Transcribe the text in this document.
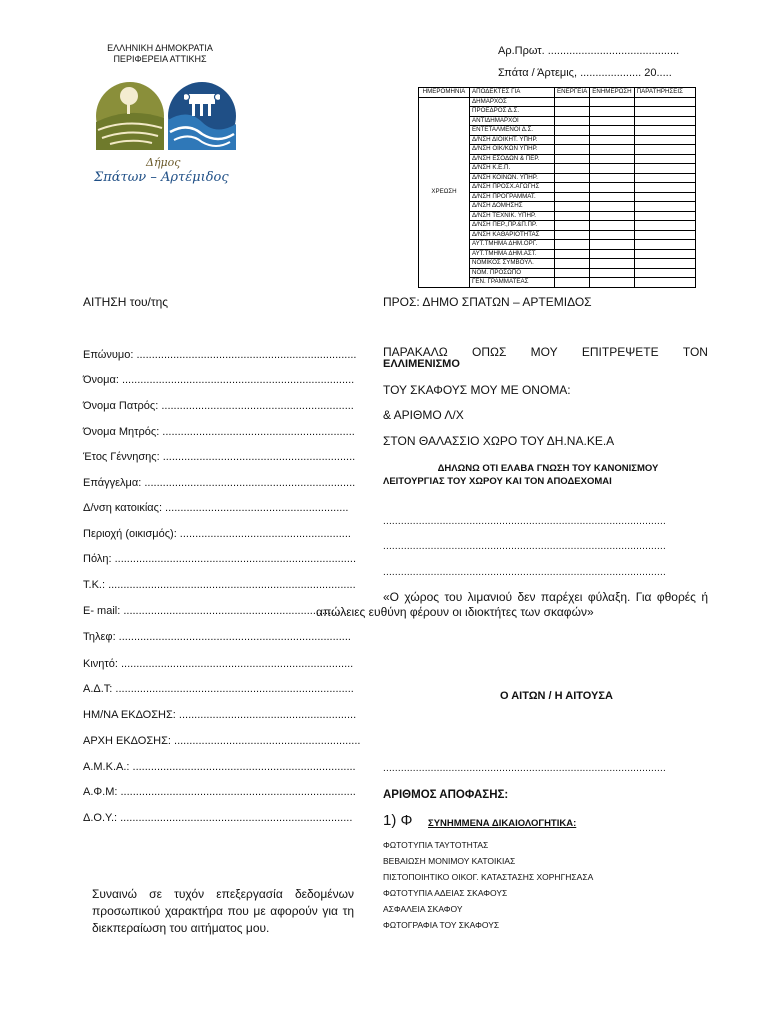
ΕΛΛΗΝΙΚΗ ΔΗΜΟΚΡΑΤΙΑ
ΠΕΡΙΦΕΡΕΙΑ ΑΤΤΙΚΗΣ
Αρ.Πρωτ. ...........................................
Σπάτα / Άρτεμις, .................... 20.....
Δήμος
Σπάτων – Αρτέμιδος
ΗΜΕΡΟΜΗΝΙΑ	ΑΠΟΔΕΚΤΕΣ ΓΙΑ	ΕΝΕΡΓΕΙΑ	ΕΝΗΜΕΡΩΣΗ	ΠΑΡΑΤΗΡΗΣΕΙΣ
ΧΡΕΩΣΗ	ΔΗΜΑΡΧΟΣ			
	ΠΡΟΕΔΡΟΣ Δ.Σ.			
	ΑΝΤΙΔΗΜΑΡΧΟΙ			
	ΕΝΤΕΤΑΛΜΕΝΟΙ Δ.Σ.			
	Δ/ΝΣΗ ΔΙΟΙΚΗΤ. ΥΠΗΡ.			
	Δ/ΝΣΗ ΟΙΚ/ΚΩΝ ΥΠΗΡ.			
	Δ/ΝΣΗ ΕΣΟΔΩΝ & ΠΕΡ.			
	Δ/ΝΣΗ Κ.Ε.Π.			
	Δ/ΝΣΗ ΚΟΙΝΩΝ. ΥΠΗΡ.			
	Δ/ΝΣΗ ΠΡΟΣΧ.ΑΓΩΓΗΣ			
	Δ/ΝΣΗ ΠΡΟΓΡΑΜΜΑΤ.			
	Δ/ΝΣΗ ΔΟΜΗΣΗΣ			
	Δ/ΝΣΗ ΤΕΧΝΙΚ. ΥΠΗΡ.			
	Δ/ΝΣΗ ΠΕΡ.,ΠΡ.&Π.ΠΡ.			
	Δ/ΝΣΗ ΚΑΘΑΡΙΟΤΗΤΑΣ			
	ΑΥΤ.ΤΜΗΜΑ ΔΗΜ.ΟΡΓ.			
	ΑΥΤ.ΤΜΗΜΑ ΔΗΜ.ΑΣΤ.			
	ΝΟΜΙΚΟΣ ΣΥΜΒΟΥΛ.			
	ΝΟΜ. ΠΡΟΣΩΠΟ			
	ΓΕΝ. ΓΡΑΜΜΑΤΕΑΣ			
ΑΙΤΗΣΗ του/της
Επώνυμο: ........................................................................
Όνομα: ............................................................................
Όνομα Πατρός: ...............................................................
Όνομα Μητρός: ...............................................................
Έτος Γέννησης: ...............................................................
Επάγγελμα: .....................................................................
Δ/νση κατοικίας: ............................................................
Περιοχή (οικισμός): ........................................................
Πόλη: ...............................................................................
Τ.Κ.: .................................................................................
E- mail: .........................................................................
Τηλεφ: ............................................................................
Κινητό: ............................................................................
Α.Δ.Τ: ..............................................................................
ΗΜ/ΝΑ ΕΚΔΟΣΗΣ: ..........................................................
ΑΡΧΗ ΕΚΔΟΣΗΣ: .............................................................
Α.Μ.Κ.Α.: .........................................................................
Α.Φ.Μ: .............................................................................
Δ.Ο.Υ.: ............................................................................
ΠΡΟΣ: ΔΗΜΟ ΣΠΑΤΩΝ – ΑΡΤΕΜΙΔΟΣ
ΠΑΡΑΚΑΛΩ ΟΠΩΣ ΜΟΥ ΕΠΙΤΡΕΨΕΤΕ ΤΟΝ
ΕΛΛΙΜΕΝΙΣΜΟ
ΤΟΥ ΣΚΑΦΟΥΣ ΜΟΥ ΜΕ ΟΝΟΜΑ:
& ΑΡΙΘΜΟ Λ/Χ
ΣΤΟΝ ΘΑΛΑΣΣΙΟ ΧΩΡΟ ΤΟΥ ΔΗ.ΝΑ.ΚΕ.Α
ΔΗΛΩΝΩ ΟΤΙ ΕΛΑΒΑ ΓΝΩΣΗ ΤΟΥ ΚΑΝΟΝΙΣΜΟΥ
ΛΕΙΤΟΥΡΓΙΑΣ ΤΟΥ ΧΩΡΟΥ ΚΑΙ ΤΟΝ ΑΠΟΔΕΧΟΜΑΙ
...............................................................................................
...............................................................................................
...............................................................................................
«Ο χώρος του λιμανιού δεν παρέχει φύλαξη. Για φθορές ή απώλειες ευθύνη φέρουν οι ιδιοκτήτες των σκαφών»
Ο ΑΙΤΩΝ / Η ΑΙΤΟΥΣΑ
...............................................................................................
ΑΡΙΘΜΟΣ ΑΠΟΦΑΣΗΣ:
1) Φ ΣΥΝΗΜΜΕΝΑ ΔΙΚΑΙΟΛΟΓΗΤΙΚΑ:
ΦΩΤΟΤΥΠΙΑ ΤΑΥΤΟΤΗΤΑΣ
ΒΕΒΑΙΩΣΗ ΜΟΝΙΜΟΥ ΚΑΤΟΙΚΙΑΣ
ΠΙΣΤΟΠΟΙΗΤΙΚΟ ΟΙΚΟΓ. ΚΑΤΑΣΤΑΣΗΣ ΧΟΡΗΓΗΣΑΣΑ
ΦΩΤΟΤΥΠΙΑ ΑΔΕΙΑΣ ΣΚΑΦΟΥΣ
ΑΣΦΑΛΕΙΑ ΣΚΑΦΟΥ
ΦΩΤΟΓΡΑΦΙΑ ΤΟΥ ΣΚΑΦΟΥΣ
Συναινώ σε τυχόν επεξεργασία δεδομένων προσωπικού χαρακτήρα που με αφορούν για τη διεκπεραίωση του αιτήματος μου.
